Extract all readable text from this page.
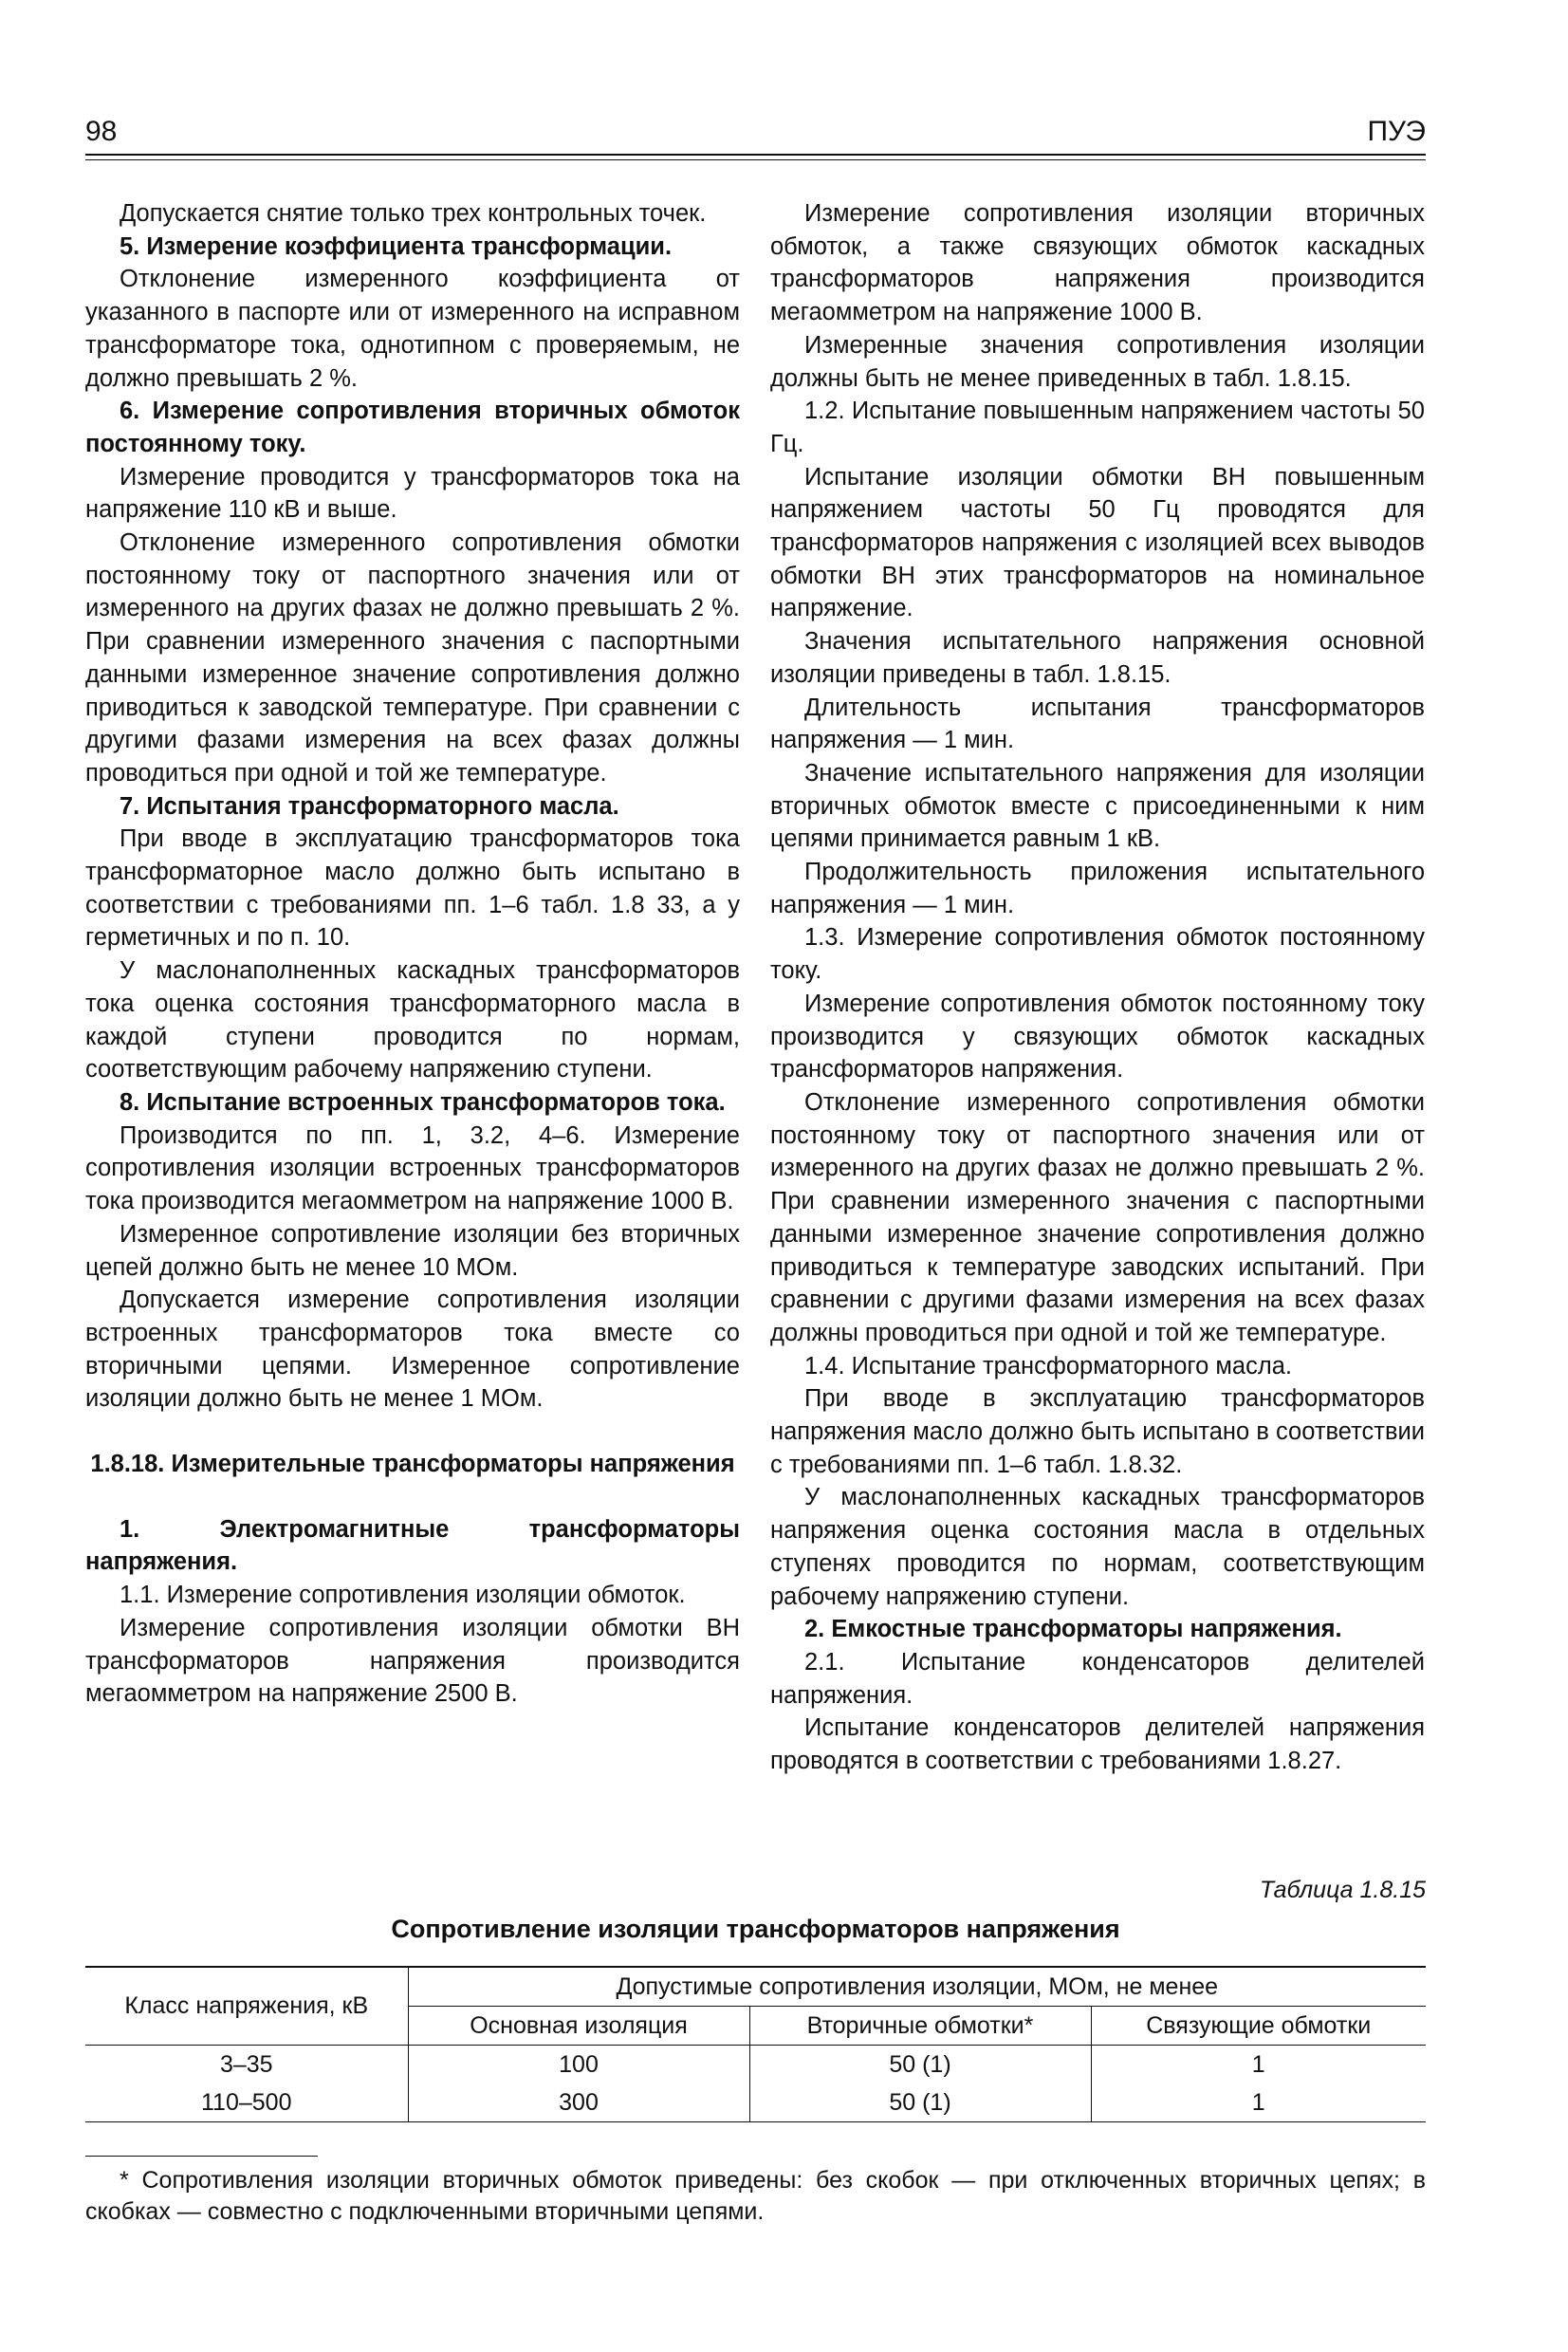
98	ПУЭ

Допускается снятие только трех контрольных точек.

5. Измерение коэффициента трансформации.

Отклонение измеренного коэффициента от указанного в паспорте или от измеренного на исправном трансформаторе тока, однотипном с проверяемым, не должно превышать 2 %.

6. Измерение сопротивления вторичных обмоток постоянному току.

Измерение проводится у трансформаторов тока на напряжение 110 кВ и выше.

Отклонение измеренного сопротивления обмотки постоянному току от паспортного значения или от измеренного на других фазах не должно превышать 2 %. При сравнении измеренного значения с паспортными данными измеренное значение сопротивления должно приводиться к заводской температуре. При сравнении с другими фазами измерения на всех фазах должны проводиться при одной и той же температуре.

7. Испытания трансформаторного масла.

При вводе в эксплуатацию трансформаторов тока трансформаторное масло должно быть испытано в соответствии с требованиями пп. 1–6 табл. 1.8 33, а у герметичных и по п. 10.

У маслонаполненных каскадных трансформаторов тока оценка состояния трансформаторного масла в каждой ступени проводится по нормам, соответствующим рабочему напряжению ступени.

8. Испытание встроенных трансформаторов тока.

Производится по пп. 1, 3.2, 4–6. Измерение сопротивления изоляции встроенных трансформаторов тока производится мегаомметром на напряжение 1000 В.

Измеренное сопротивление изоляции без вторичных цепей должно быть не менее 10 МОм.

Допускается измерение сопротивления изоляции встроенных трансформаторов тока вместе со вторичными цепями. Измеренное сопротивление изоляции должно быть не менее 1 МОм.

1.8.18. Измерительные трансформаторы напряжения

1. Электромагнитные трансформаторы напряжения.

1.1. Измерение сопротивления изоляции обмоток.

Измерение сопротивления изоляции обмотки ВН трансформаторов напряжения производится мегаомметром на напряжение 2500 В.

Измерение сопротивления изоляции вторичных обмоток, а также связующих обмоток каскадных трансформаторов напряжения производится мегаомметром на напряжение 1000 В.

Измеренные значения сопротивления изоляции должны быть не менее приведенных в табл. 1.8.15.

1.2. Испытание повышенным напряжением частоты 50 Гц.

Испытание изоляции обмотки ВН повышенным напряжением частоты 50 Гц проводятся для трансформаторов напряжения с изоляцией всех выводов обмотки ВН этих трансформаторов на номинальное напряжение.

Значения испытательного напряжения основной изоляции приведены в табл. 1.8.15.

Длительность испытания трансформаторов напряжения — 1 мин.

Значение испытательного напряжения для изоляции вторичных обмоток вместе с присоединенными к ним цепями принимается равным 1 кВ.

Продолжительность приложения испытательного напряжения — 1 мин.

1.3. Измерение сопротивления обмоток постоянному току.

Измерение сопротивления обмоток постоянному току производится у связующих обмоток каскадных трансформаторов напряжения.

Отклонение измеренного сопротивления обмотки постоянному току от паспортного значения или от измеренного на других фазах не должно превышать 2 %. При сравнении измеренного значения с паспортными данными измеренное значение сопротивления должно приводиться к температуре заводских испытаний. При сравнении с другими фазами измерения на всех фазах должны проводиться при одной и той же температуре.

1.4. Испытание трансформаторного масла.

При вводе в эксплуатацию трансформаторов напряжения масло должно быть испытано в соответствии с требованиями пп. 1–6 табл. 1.8.32.

У маслонаполненных каскадных трансформаторов напряжения оценка состояния масла в отдельных ступенях проводится по нормам, соответствующим рабочему напряжению ступени.

2. Емкостные трансформаторы напряжения.

2.1. Испытание конденсаторов делителей напряжения.

Испытание конденсаторов делителей напряжения проводятся в соответствии с требованиями 1.8.27.

Таблица 1.8.15
Сопротивление изоляции трансформаторов напряжения
Класс напряжения, кВ	Допустимые сопротивления изоляции, МОм, не менее		
	Основная изоляция	Вторичные обмотки*	Связующие обмотки
3–35	100	50 (1)	1
110–500	300	50 (1)	1
* Сопротивления изоляции вторичных обмоток приведены: без скобок — при отключенных вторичных цепях; в скобках — совместно с подключенными вторичными цепями.
